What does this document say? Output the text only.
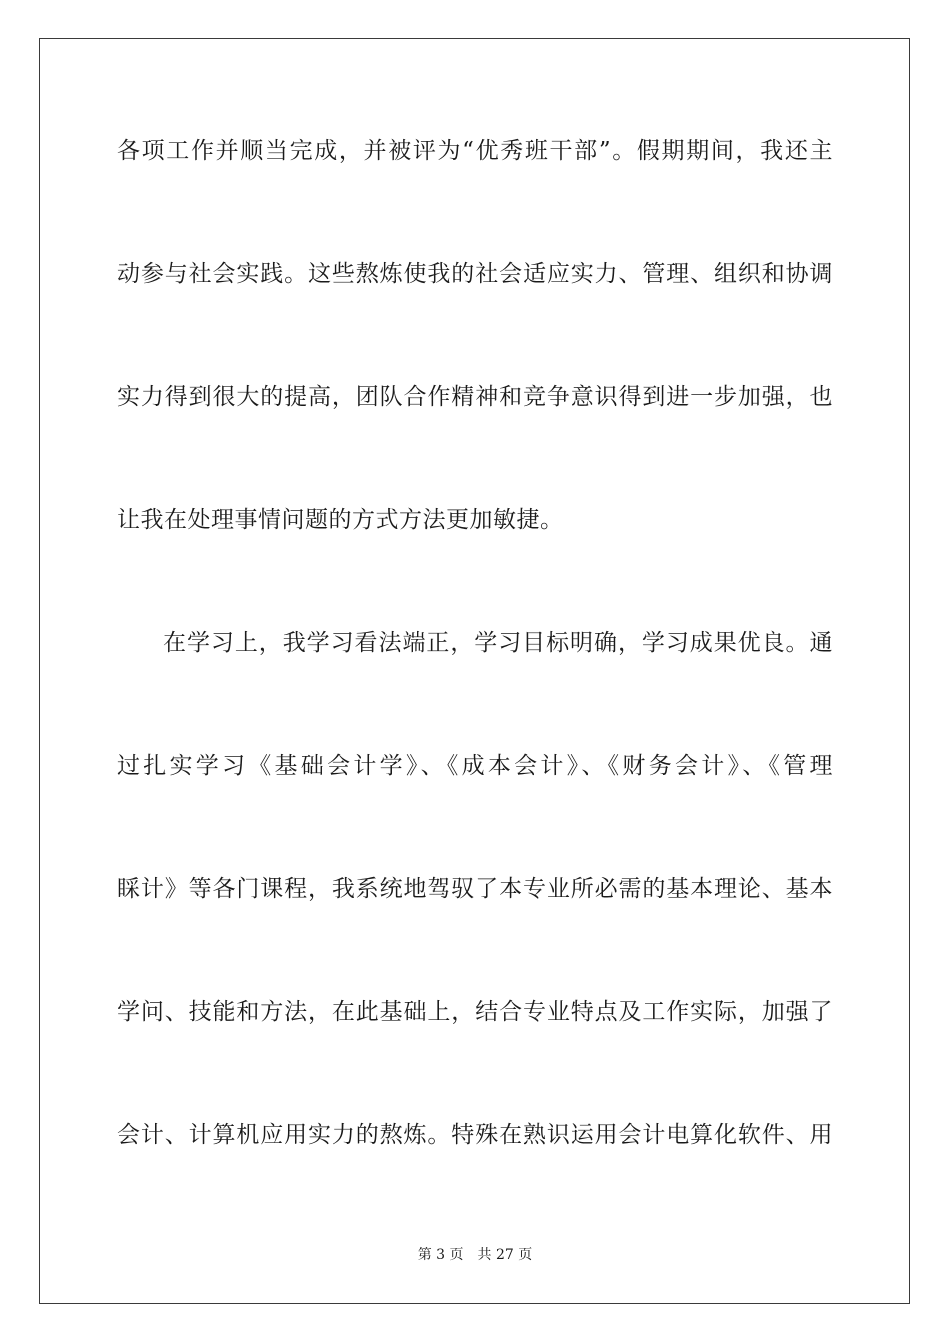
各项工作并顺当完成，并被评为“优秀班干部”。假期期间，我还主
动参与社会实践。这些熬炼使我的社会适应实力、管理、组织和协调
实力得到很大的提高，团队合作精神和竞争意识得到进一步加强，也
让我在处理事情问题的方式方法更加敏捷。
在学习上，我学习看法端正，学习目标明确，学习成果优良。通
过扎实学习《基础会计学》、《成本会计》、《财务会计》、《管理
睬计》等各门课程，我系统地驾驭了本专业所必需的基本理论、基本
学问、技能和方法，在此基础上，结合专业特点及工作实际，加强了
会计、计算机应用实力的熬炼。特殊在熟识运用会计电算化软件、用
第 3 页 共 27 页
